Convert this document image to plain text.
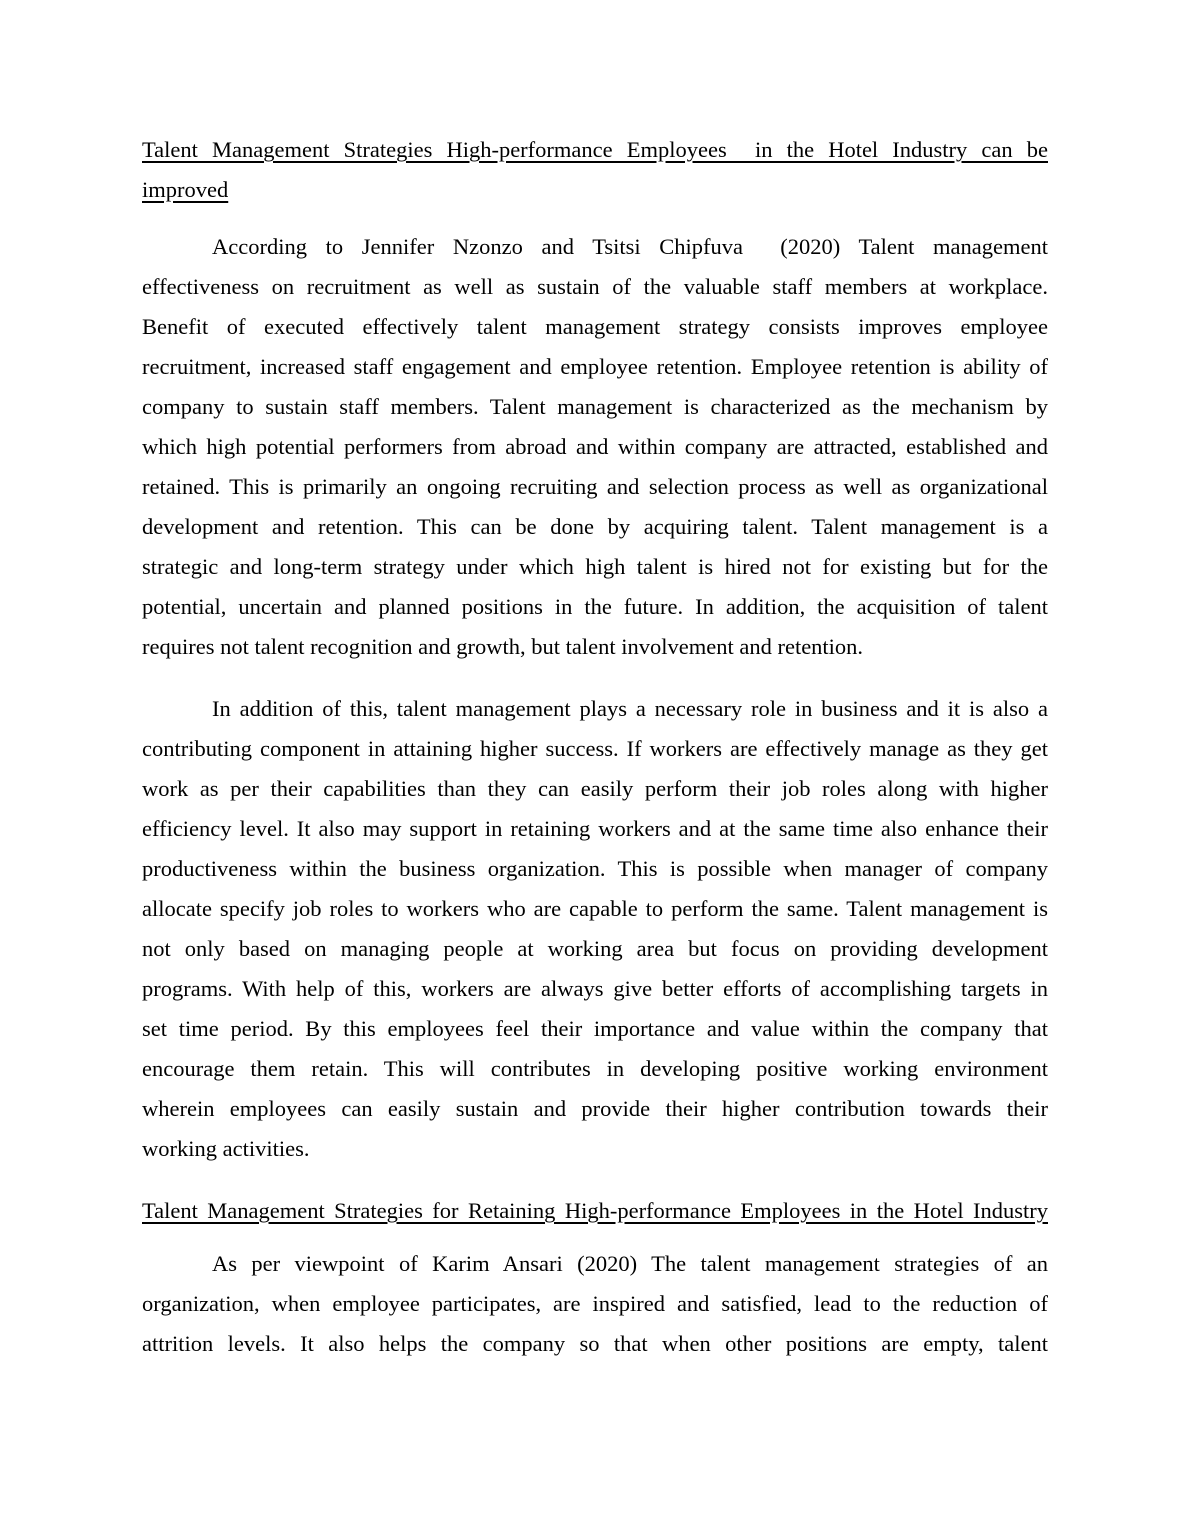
Talent Management Strategies High-performance Employees  in the Hotel Industry can be
improved
According to Jennifer Nzonzo and Tsitsi Chipfuva  (2020) Talent management
effectiveness on recruitment as well as sustain of the valuable staff members at workplace.
Benefit of executed effectively talent management strategy consists improves employee
recruitment, increased staff engagement and employee retention. Employee retention is ability of
company to sustain staff members. Talent management is characterized as the mechanism by
which high potential performers from abroad and within company are attracted, established and
retained. This is primarily an ongoing recruiting and selection process as well as organizational
development and retention. This can be done by acquiring talent. Talent management is a
strategic and long-term strategy under which high talent is hired not for existing but for the
potential, uncertain and planned positions in the future. In addition, the acquisition of talent
requires not talent recognition and growth, but talent involvement and retention.
In addition of this, talent management plays a necessary role in business and it is also a
contributing component in attaining higher success. If workers are effectively manage as they get
work as per their capabilities than they can easily perform their job roles along with higher
efficiency level. It also may support in retaining workers and at the same time also enhance their
productiveness within the business organization. This is possible when manager of company
allocate specify job roles to workers who are capable to perform the same. Talent management is
not only based on managing people at working area but focus on providing development
programs. With help of this, workers are always give better efforts of accomplishing targets in
set time period. By this employees feel their importance and value within the company that
encourage them retain. This will contributes in developing positive working environment
wherein employees can easily sustain and provide their higher contribution towards their
working activities.
Talent Management Strategies for Retaining High-performance Employees in the Hotel Industry
As per viewpoint of Karim Ansari (2020) The talent management strategies of an
organization, when employee participates, are inspired and satisfied, lead to the reduction of
attrition levels. It also helps the company so that when other positions are empty, talent
